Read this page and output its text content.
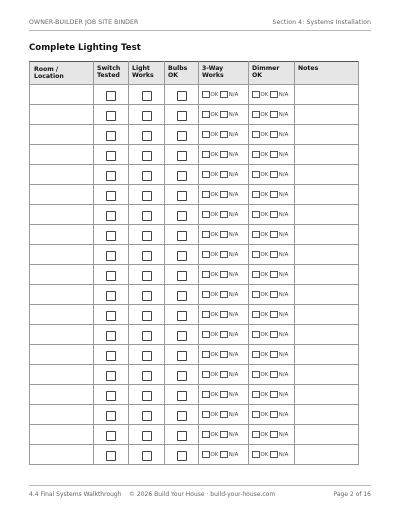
OWNER-BUILDER JOB SITE BINDER	Section 4: Systems Installation
Complete Lighting Test
Room / Location	Switch Tested	Light Works	Bulbs OK	3-Way Works	Dimmer OK	Notes
				OK N/A	OK N/A	
				OK N/A	OK N/A	
				OK N/A	OK N/A	
				OK N/A	OK N/A	
				OK N/A	OK N/A	
				OK N/A	OK N/A	
				OK N/A	OK N/A	
				OK N/A	OK N/A	
				OK N/A	OK N/A	
				OK N/A	OK N/A	
				OK N/A	OK N/A	
				OK N/A	OK N/A	
				OK N/A	OK N/A	
				OK N/A	OK N/A	
				OK N/A	OK N/A	
				OK N/A	OK N/A	
				OK N/A	OK N/A	
				OK N/A	OK N/A	
				OK N/A	OK N/A	
4.4 Final Systems Walkthrough © 2026 Build Your House · build-your-house.com	Page 2 of 16
